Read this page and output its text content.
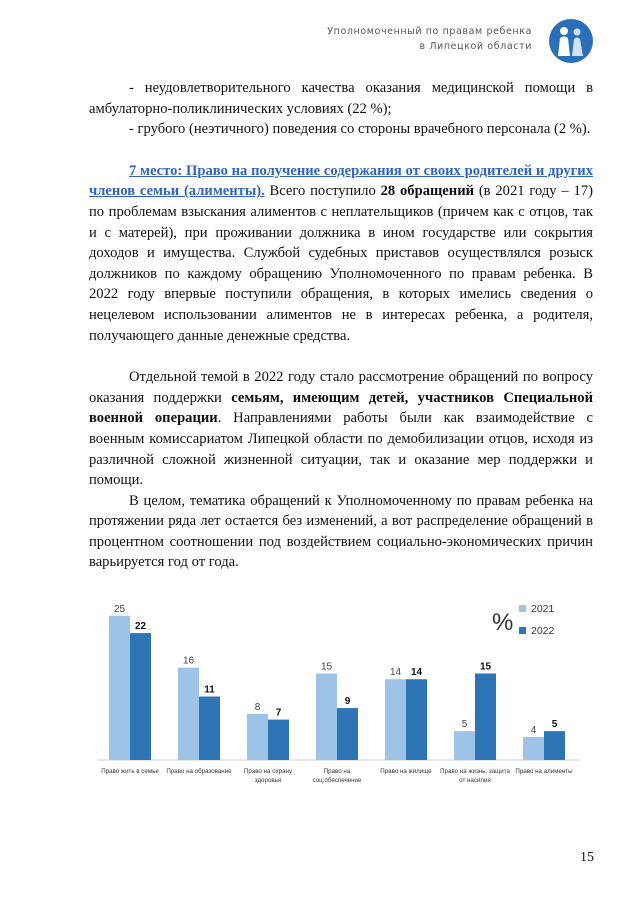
Уполномоченный по правам ребенка
в Липецкой области

- неудовлетворительного качества оказания медицинской помощи в амбулаторно-поликлинических условиях (22 %);

- грубого (неэтичного) поведения со стороны врачебного персонала (2 %).

7 место: Право на получение содержания от своих родителей и других членов семьи (алименты). Всего поступило 28 обращений (в 2021 году – 17) по проблемам взыскания алиментов с неплательщиков (причем как с отцов, так и с матерей), при проживании должника в ином государстве или сокрытия доходов и имущества. Службой судебных приставов осуществлялся розыск должников по каждому обращению Уполномоченного по правам ребенка. В 2022 году впервые поступили обращения, в которых имелись сведения о нецелевом использовании алиментов не в интересах ребенка, а родителя, получающего данные денежные средства.

Отдельной темой в 2022 году стало рассмотрение обращений по вопросу оказания поддержки семьям, имеющим детей, участников Специальной военной операции. Направлениями работы были как взаимодействие с военным комиссариатом Липецкой области по демобилизации отцов, исходя из различной сложной жизненной ситуации, так и оказание мер поддержки и помощи.

В целом, тематика обращений к Уполномоченному по правам ребенка на протяжении ряда лет остается без изменений, а вот распределение обращений в процентном соотношении под воздействием социально-экономических причин варьируется год от года.

25
22
Право жить в семье
16
11
Право на образование
8
7
Право на охрану
здоровья
15
9
Право на
соц.обеспечение
14 14
Право на жилище
5
15
Право на жизнь, защита
от насилия
4
5
Право на алименты
% 2021
2022
15
